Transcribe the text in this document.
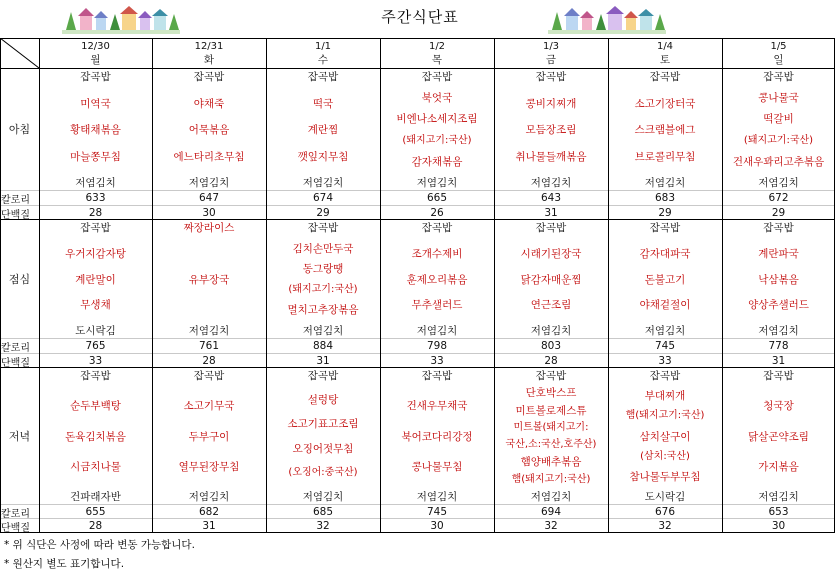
주간식단표
12/30
월
12/31
화
1/1
수
1/2
목
1/3
금
1/4
토
1/5
일
아침
칼로리
단백질
잡곡밥
미역국
황태채볶음
마늘쫑무침
저염김치
633
28
잡곡밥
야채죽
어묵볶음
에느타리초무침
저염김치
647
30
잡곡밥
떡국
계란찜
깻잎지무침
저염김치
674
29
잡곡밥
북엇국
비엔나소세지조림
(돼지고기:국산)
감자채볶음
저염김치
665
26
잡곡밥
콩비지찌개
모듬장조림
취나물들깨볶음
저염김치
643
31
잡곡밥
소고기장터국
스크램블에그
브로콜리무침
저염김치
683
29
잡곡밥
콩나물국
떡갈비
(돼지고기:국산)
건새우꽈리고추볶음
저염김치
672
29
점심
칼로리
단백질
잡곡밥
우거지감자탕
계란말이
무생채
도시락김
765
33
짜장라이스
유부장국
저염김치
761
28
잡곡밥
김치손만두국
동그랑땡
(돼지고기:국산)
멸치고추장볶음
저염김치
884
31
잡곡밥
조개수제비
훈제오리볶음
무추샐러드
저염김치
798
33
잡곡밥
시래기된장국
닭감자매운찜
연근조림
저염김치
803
28
잡곡밥
감자대파국
돈불고기
야채겉절이
저염김치
745
33
잡곡밥
계란파국
낙삼볶음
양상추샐러드
저염김치
778
31
저녁
칼로리
단백질
잡곡밥
순두부백탕
돈육김치볶음
시금치나물
건파래자반
655
28
잡곡밥
소고기무국
두부구이
열무된장무침
저염김치
682
31
잡곡밥
설렁탕
소고기표고조림
오징어젓무침
(오징어:중국산)
저염김치
685
32
잡곡밥
건새우무채국
북어코다리강정
콩나물무침
저염김치
745
30
잡곡밥
단호박스프
미트볼로제스튜
미트볼(돼지고기:
국산,소:국산,호주산)
햄양배추볶음
햄(돼지고기:국산)
저염김치
694
32
잡곡밥
부대찌개
햄(돼지고기:국산)
삼치살구이
(삼치:국산)
참나물두부무침
도시락김
676
32
잡곡밥
청국장
닭살곤약조림
가지볶음
저염김치
653
30
* 위 식단은 사정에 따라 변동 가능합니다.
* 원산지 별도 표기합니다.
